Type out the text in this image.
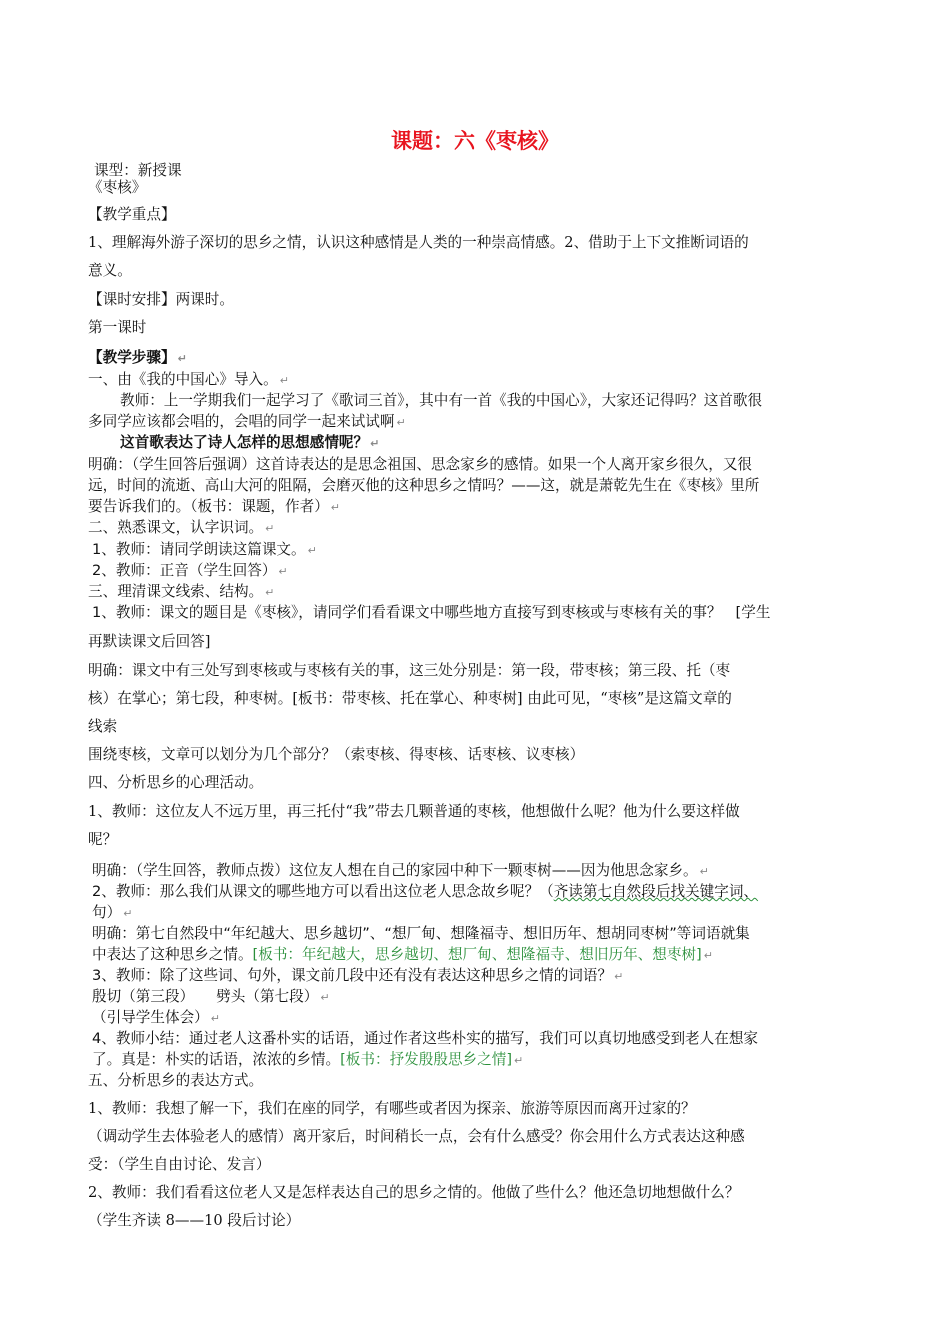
课题：六《枣核》
课型：新授课
《枣核》
【教学重点】
1、理解海外游子深切的思乡之情，认识这种感情是人类的一种崇高情感。2、借助于上下文推断词语的
意义。
【课时安排】两课时。
第一课时
【教学步骤】 ↵
一、由《我的中国心》导入。 ↵
教师：上一学期我们一起学习了《歌词三首》，其中有一首《我的中国心》，大家还记得吗？这首歌很
多同学应该都会唱的，会唱的同学一起来试试啊 ↵
这首歌表达了诗人怎样的思想感情呢？ ↵
明确：（学生回答后强调）这首诗表达的是思念祖国、思念家乡的感情。如果一个人离开家乡很久，又很
远，时间的流逝、高山大河的阻隔，会磨灭他的这种思乡之情吗？——这，就是萧乾先生在《枣核》里所
要告诉我们的。（板书：课题，作者） ↵
二、熟悉课文，认字识词。 ↵
1、教师：请同学朗读这篇课文。 ↵
2、教师：正音（学生回答） ↵
三、理清课文线索、结构。 ↵
1、教师：课文的题目是《枣核》，请同学们看看课文中哪些地方直接写到枣核或与枣核有关的事？ [学生
再默读课文后回答]
明确：课文中有三处写到枣核或与枣核有关的事，这三处分别是：第一段，带枣核；第三段、托（枣
核）在掌心；第七段，种枣树。[板书：带枣核、托在掌心、种枣树] 由此可见，“枣核”是这篇文章的
线索
围绕枣核，文章可以划分为几个部分？（索枣核、得枣核、话枣核、议枣核）
四、分析思乡的心理活动。
1、教师：这位友人不远万里，再三托付“我”带去几颗普通的枣核，他想做什么呢？他为什么要这样做
呢？
明确：（学生回答，教师点拨）这位友人想在自己的家园中种下一颗枣树——因为他思念家乡。 ↵
2、教师：那么我们从课文的哪些地方可以看出这位老人思念故乡呢？（齐读第七自然段后找关键字词、
句） ↵
明确：第七自然段中“年纪越大、思乡越切”、“想厂甸、想隆福寺、想旧历年、想胡同枣树”等词语就集
中表达了这种思乡之情。[板书：年纪越大，思乡越切、想厂甸、想隆福寺、想旧历年、想枣树] ↵
3、教师：除了这些词、句外，课文前几段中还有没有表达这种思乡之情的词语？ ↵
殷切（第三段） 劈头（第七段） ↵
（引导学生体会） ↵
4、教师小结：通过老人这番朴实的话语，通过作者这些朴实的描写，我们可以真切地感受到老人在想家
了。真是：朴实的话语，浓浓的乡情。[板书：抒发殷殷思乡之情] ↵
五、分析思乡的表达方式。
1、教师：我想了解一下，我们在座的同学，有哪些或者因为探亲、旅游等原因而离开过家的？
（调动学生去体验老人的感情）离开家后，时间稍长一点，会有什么感受？你会用什么方式表达这种感
受：（学生自由讨论、发言）
2、教师：我们看看这位老人又是怎样表达自己的思乡之情的。他做了些什么？他还急切地想做什么？
（学生齐读 8——10 段后讨论）
